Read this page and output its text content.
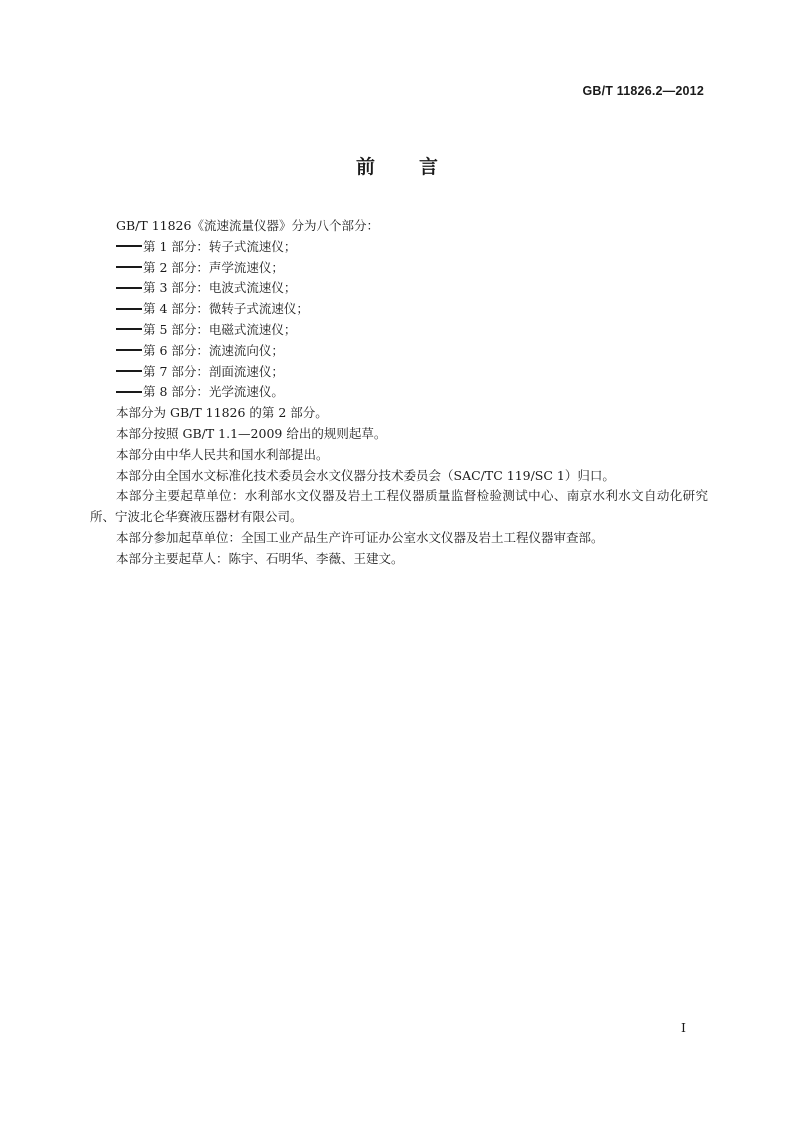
GB/T 11826.2—2012
前言

GB/T 11826《流速流量仪器》分为八个部分：

第 1 部分：转子式流速仪；

第 2 部分：声学流速仪；

第 3 部分：电波式流速仪；

第 4 部分：微转子式流速仪；

第 5 部分：电磁式流速仪；

第 6 部分：流速流向仪；

第 7 部分：剖面流速仪；

第 8 部分：光学流速仪。

本部分为 GB/T 11826 的第 2 部分。

本部分按照 GB/T 1.1—2009 给出的规则起草。

本部分由中华人民共和国水利部提出。

本部分由全国水文标准化技术委员会水文仪器分技术委员会（SAC/TC 119/SC 1）归口。

本部分主要起草单位：水利部水文仪器及岩土工程仪器质量监督检验测试中心、南京水利水文自动化研究所、宁波北仑华赛液压器材有限公司。

本部分参加起草单位：全国工业产品生产许可证办公室水文仪器及岩土工程仪器审查部。

本部分主要起草人：陈宇、石明华、李薇、王建文。

I
